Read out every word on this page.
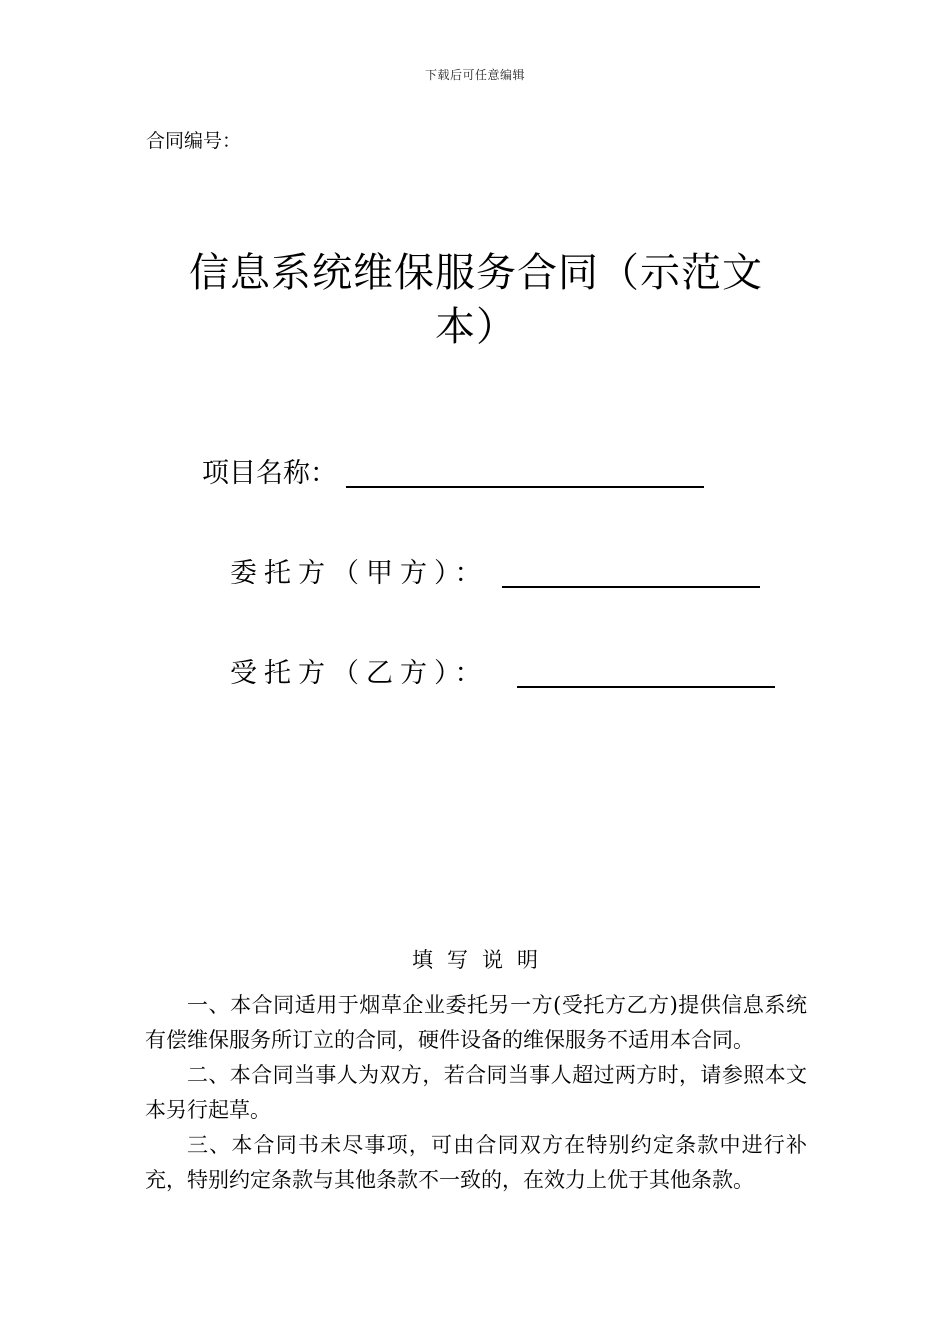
下载后可任意编辑
合同编号：
信息系统维保服务合同（示范文本）
项目名称：
委托方（甲方）：
受托方（乙方）：
填写说明

一、本合同适用于烟草企业委托另一方(受托方乙方)提供信息系统有偿维保服务所订立的合同，硬件设备的维保服务不适用本合同。

二、本合同当事人为双方，若合同当事人超过两方时，请参照本文本另行起草。

三、本合同书未尽事项，可由合同双方在特别约定条款中进行补充，特别约定条款与其他条款不一致的，在效力上优于其他条款。
